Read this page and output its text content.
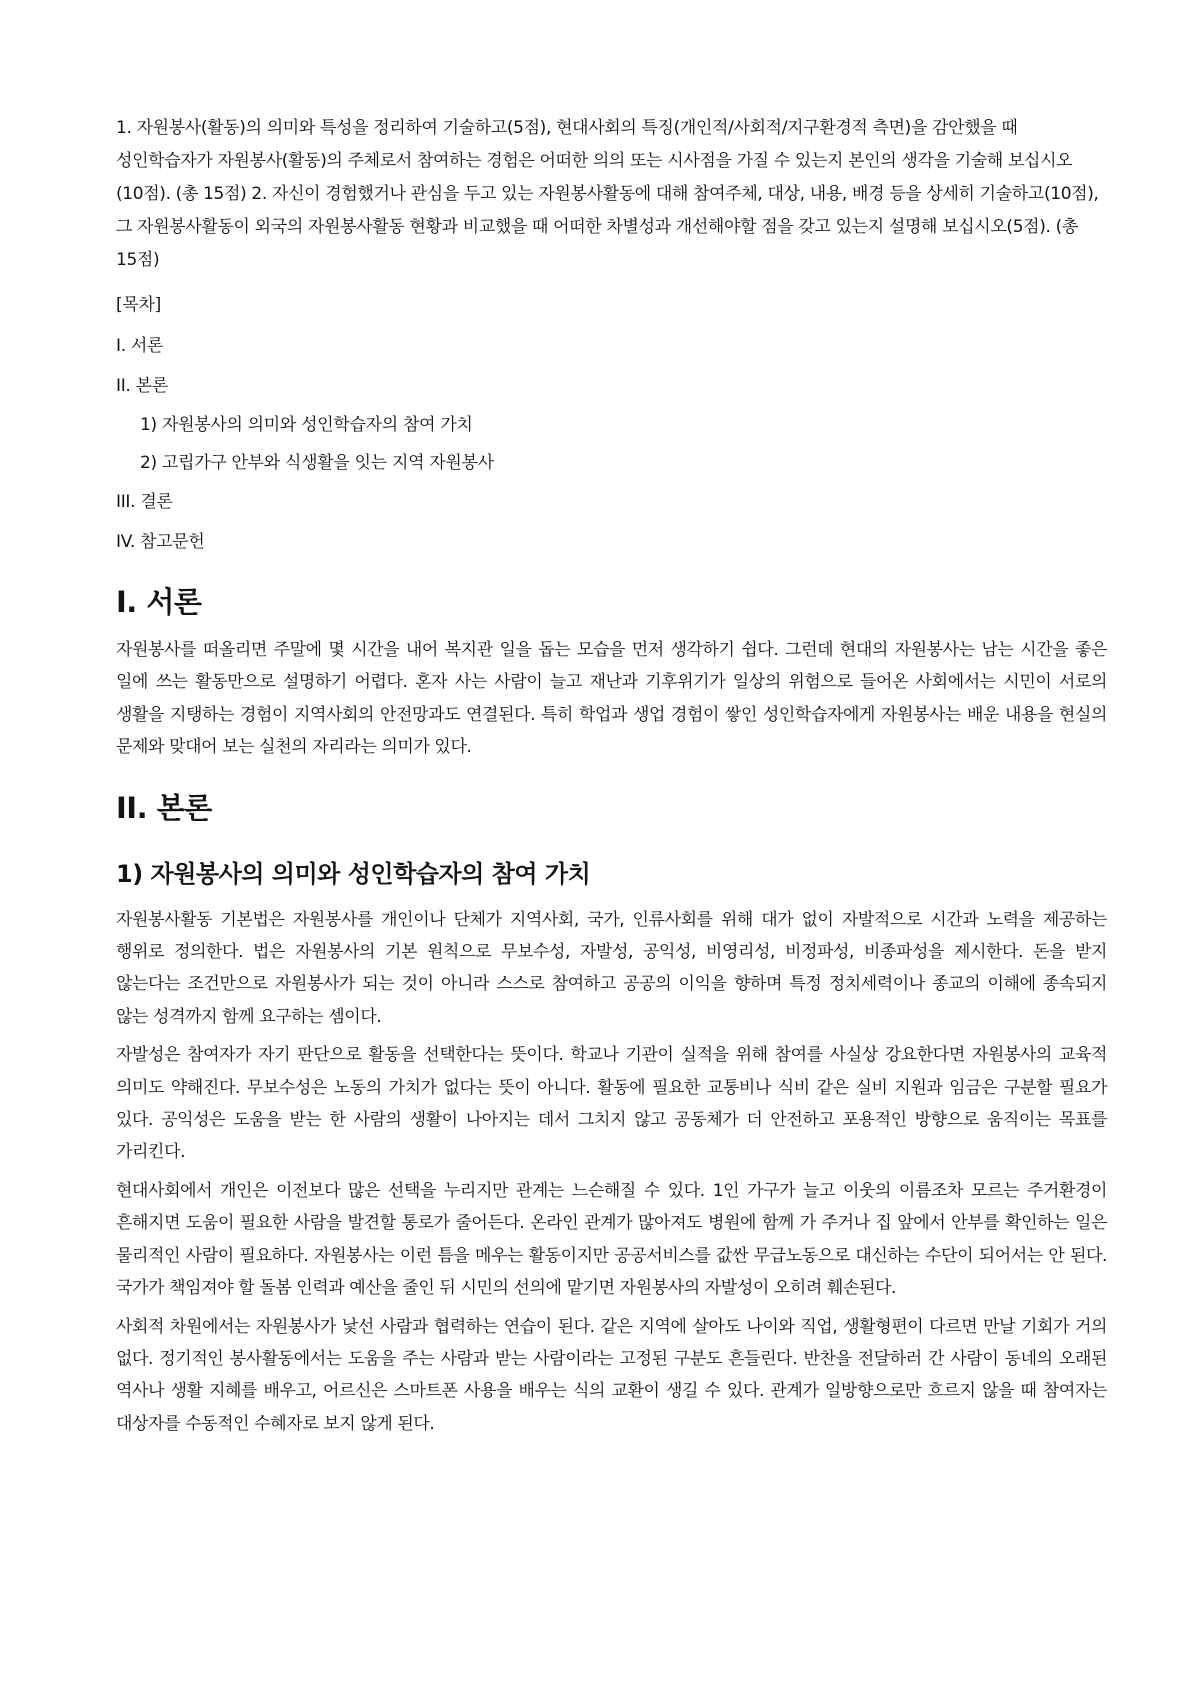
1. 자원봉사(활동)의 의미와 특성을 정리하여 기술하고(5점), 현대사회의 특징(개인적/사회적/지구환경적 측면)을 감안했을 때 성인학습자가 자원봉사(활동)의 주체로서 참여하는 경험은 어떠한 의의 또는 시사점을 가질 수 있는지 본인의 생각을 기술해 보십시오(10점). (총 15점) 2. 자신이 경험했거나 관심을 두고 있는 자원봉사활동에 대해 참여주체, 대상, 내용, 배경 등을 상세히 기술하고(10점), 그 자원봉사활동이 외국의 자원봉사활동 현황과 비교했을 때 어떠한 차별성과 개선해야할 점을 갖고 있는지 설명해 보십시오(5점). (총 15점)

[목차]
I. 서론
II. 본론
1) 자원봉사의 의미와 성인학습자의 참여 가치
2) 고립가구 안부와 식생활을 잇는 지역 자원봉사
III. 결론
IV. 참고문헌
I. 서론

자원봉사를 떠올리면 주말에 몇 시간을 내어 복지관 일을 돕는 모습을 먼저 생각하기 쉽다. 그런데 현대의 자원봉사는 남는 시간을 좋은 일에 쓰는 활동만으로 설명하기 어렵다. 혼자 사는 사람이 늘고 재난과 기후위기가 일상의 위험으로 들어온 사회에서는 시민이 서로의 생활을 지탱하는 경험이 지역사회의 안전망과도 연결된다. 특히 학업과 생업 경험이 쌓인 성인학습자에게 자원봉사는 배운 내용을 현실의 문제와 맞대어 보는 실천의 자리라는 의미가 있다.

II. 본론
1) 자원봉사의 의미와 성인학습자의 참여 가치

자원봉사활동 기본법은 자원봉사를 개인이나 단체가 지역사회, 국가, 인류사회를 위해 대가 없이 자발적으로 시간과 노력을 제공하는 행위로 정의한다. 법은 자원봉사의 기본 원칙으로 무보수성, 자발성, 공익성, 비영리성, 비정파성, 비종파성을 제시한다. 돈을 받지 않는다는 조건만으로 자원봉사가 되는 것이 아니라 스스로 참여하고 공공의 이익을 향하며 특정 정치세력이나 종교의 이해에 종속되지 않는 성격까지 함께 요구하는 셈이다.

자발성은 참여자가 자기 판단으로 활동을 선택한다는 뜻이다. 학교나 기관이 실적을 위해 참여를 사실상 강요한다면 자원봉사의 교육적 의미도 약해진다. 무보수성은 노동의 가치가 없다는 뜻이 아니다. 활동에 필요한 교통비나 식비 같은 실비 지원과 임금은 구분할 필요가 있다. 공익성은 도움을 받는 한 사람의 생활이 나아지는 데서 그치지 않고 공동체가 더 안전하고 포용적인 방향으로 움직이는 목표를 가리킨다.

현대사회에서 개인은 이전보다 많은 선택을 누리지만 관계는 느슨해질 수 있다. 1인 가구가 늘고 이웃의 이름조차 모르는 주거환경이 흔해지면 도움이 필요한 사람을 발견할 통로가 줄어든다. 온라인 관계가 많아져도 병원에 함께 가 주거나 집 앞에서 안부를 확인하는 일은 물리적인 사람이 필요하다. 자원봉사는 이런 틈을 메우는 활동이지만 공공서비스를 값싼 무급노동으로 대신하는 수단이 되어서는 안 된다. 국가가 책임져야 할 돌봄 인력과 예산을 줄인 뒤 시민의 선의에 맡기면 자원봉사의 자발성이 오히려 훼손된다.

사회적 차원에서는 자원봉사가 낯선 사람과 협력하는 연습이 된다. 같은 지역에 살아도 나이와 직업, 생활형편이 다르면 만날 기회가 거의 없다. 정기적인 봉사활동에서는 도움을 주는 사람과 받는 사람이라는 고정된 구분도 흔들린다. 반찬을 전달하러 간 사람이 동네의 오래된 역사나 생활 지혜를 배우고, 어르신은 스마트폰 사용을 배우는 식의 교환이 생길 수 있다. 관계가 일방향으로만 흐르지 않을 때 참여자는 대상자를 수동적인 수혜자로 보지 않게 된다.
